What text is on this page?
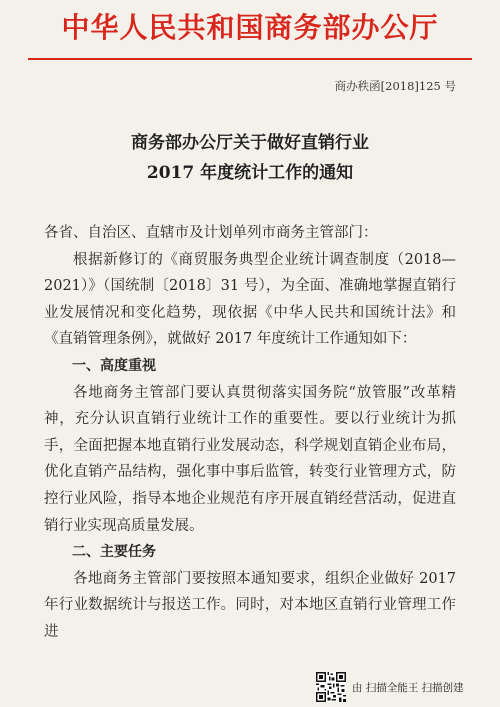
中华人民共和国商务部办公厅
商办秩函[2018]125 号
商务部办公厅关于做好直销行业
2017 年度统计工作的通知

各省、自治区、直辖市及计划单列市商务主管部门：

根据新修订的《商贸服务典型企业统计调查制度（2018—2021）》（国统制〔2018〕31 号），为全面、准确地掌握直销行业发展情况和变化趋势，现依据《中华人民共和国统计法》和《直销管理条例》，就做好 2017 年度统计工作通知如下：

一、高度重视

各地商务主管部门要认真贯彻落实国务院“放管服”改革精神，充分认识直销行业统计工作的重要性。要以行业统计为抓手，全面把握本地直销行业发展动态，科学规划直销企业布局，优化直销产品结构，强化事中事后监管，转变行业管理方式，防控行业风险，指导本地企业规范有序开展直销经营活动，促进直销行业实现高质量发展。

二、主要任务

各地商务主管部门要按照本通知要求，组织企业做好 2017 年行业数据统计与报送工作。同时，对本地区直销行业管理工作进

由 扫描全能王 扫描创建
